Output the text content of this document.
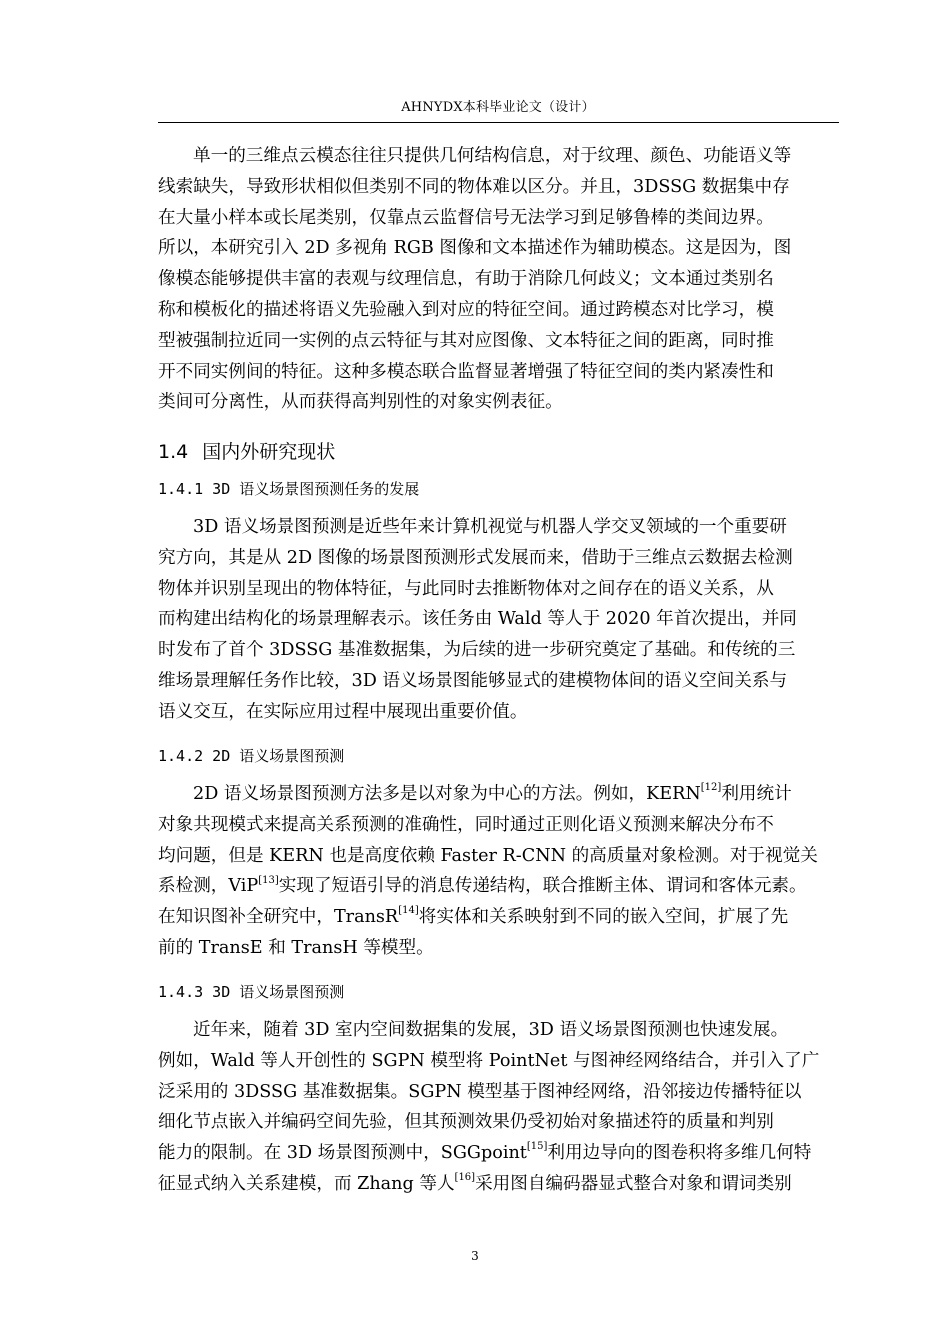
AHNYDX本科毕业论文（设计）

单一的三维点云模态往往只提供几何结构信息，对于纹理、颜色、功能语义等
线索缺失，导致形状相似但类别不同的物体难以区分。并且，3DSSG 数据集中存
在大量小样本或长尾类别，仅靠点云监督信号无法学习到足够鲁棒的类间边界。
所以，本研究引入 2D 多视角 RGB 图像和文本描述作为辅助模态。这是因为，图
像模态能够提供丰富的表观与纹理信息，有助于消除几何歧义；文本通过类别名
称和模板化的描述将语义先验融入到对应的特征空间。通过跨模态对比学习，模
型被强制拉近同一实例的点云特征与其对应图像、文本特征之间的距离，同时推
开不同实例间的特征。这种多模态联合监督显著增强了特征空间的类内紧凑性和
类间可分离性，从而获得高判别性的对象实例表征。

1.4 国内外研究现状
1.4.1 3D 语义场景图预测任务的发展

3D 语义场景图预测是近些年来计算机视觉与机器人学交叉领域的一个重要研
究方向，其是从 2D 图像的场景图预测形式发展而来，借助于三维点云数据去检测
物体并识别呈现出的物体特征，与此同时去推断物体对之间存在的语义关系，从
而构建出结构化的场景理解表示。该任务由 Wald 等人于 2020 年首次提出，并同
时发布了首个 3DSSG 基准数据集，为后续的进一步研究奠定了基础。和传统的三
维场景理解任务作比较，3D 语义场景图能够显式的建模物体间的语义空间关系与
语义交互，在实际应用过程中展现出重要价值。

1.4.2 2D 语义场景图预测

2D 语义场景图预测方法多是以对象为中心的方法。例如，KERN[12]利用统计
对象共现模式来提高关系预测的准确性，同时通过正则化语义预测来解决分布不
均问题，但是 KERN 也是高度依赖 Faster R-CNN 的高质量对象检测。对于视觉关
系检测，ViP[13]实现了短语引导的消息传递结构，联合推断主体、谓词和客体元素。
在知识图补全研究中，TransR[14]将实体和关系映射到不同的嵌入空间，扩展了先
前的 TransE 和 TransH 等模型。

1.4.3 3D 语义场景图预测

近年来，随着 3D 室内空间数据集的发展，3D 语义场景图预测也快速发展。
例如，Wald 等人开创性的 SGPN 模型将 PointNet 与图神经网络结合，并引入了广
泛采用的 3DSSG 基准数据集。SGPN 模型基于图神经网络，沿邻接边传播特征以
细化节点嵌入并编码空间先验，但其预测效果仍受初始对象描述符的质量和判别
能力的限制。在 3D 场景图预测中，SGGpoint[15]利用边导向的图卷积将多维几何特
征显式纳入关系建模，而 Zhang 等人[16]采用图自编码器显式整合对象和谓词类别

3
